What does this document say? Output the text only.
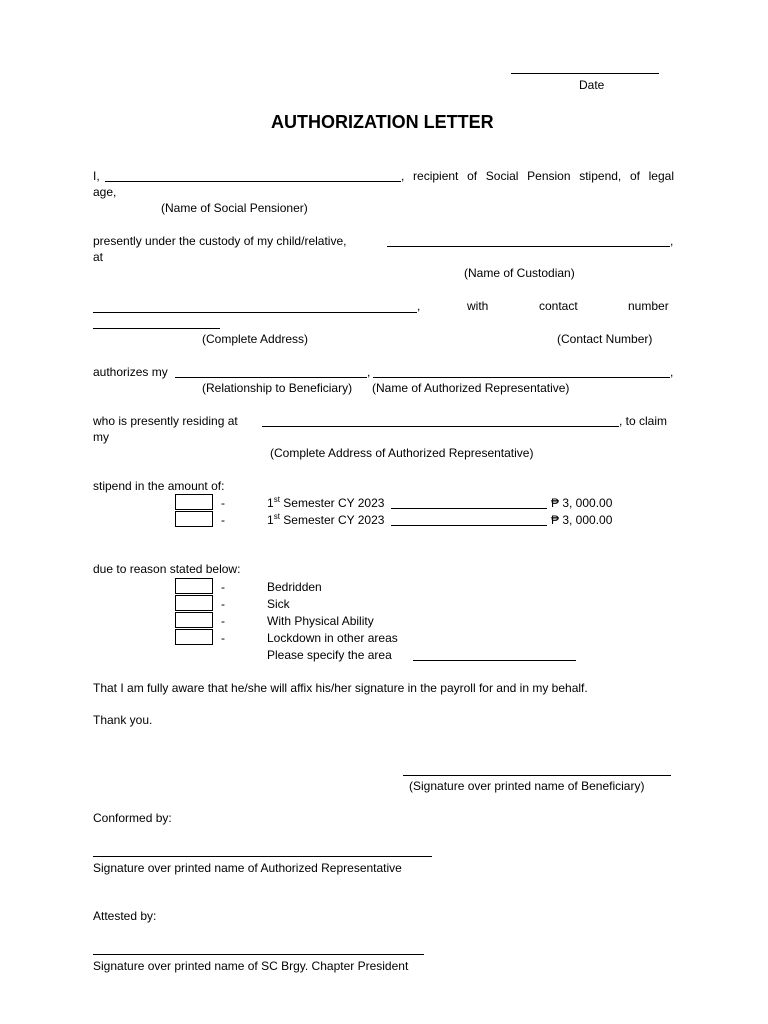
Date
AUTHORIZATION LETTER
I,	, recipient of Social Pension stipend, of legal
age,
(Name of Social Pensioner)
presently under the custody of my child/relative,	,
at
(Name of Custodian)
,	with	contact	number
(Complete Address)	(Contact Number)
authorizes my	,	,
(Relationship to Beneficiary) (Name of Authorized Representative)
who is presently residing at	, to claim
my
(Complete Address of Authorized Representative)
stipend in the amount of:
-	1st Semester CY 2023	₱ 3, 000.00
-	1st Semester CY 2023	₱ 3, 000.00
due to reason stated below:
-	Bedridden
-	Sick
-	With Physical Ability
-	Lockdown in other areas
Please specify the area
That I am fully aware that he/she will affix his/her signature in the payroll for and in my behalf.
Thank you.
(Signature over printed name of Beneficiary)
Conformed by:
Signature over printed name of Authorized Representative
Attested by:
Signature over printed name of SC Brgy. Chapter President
